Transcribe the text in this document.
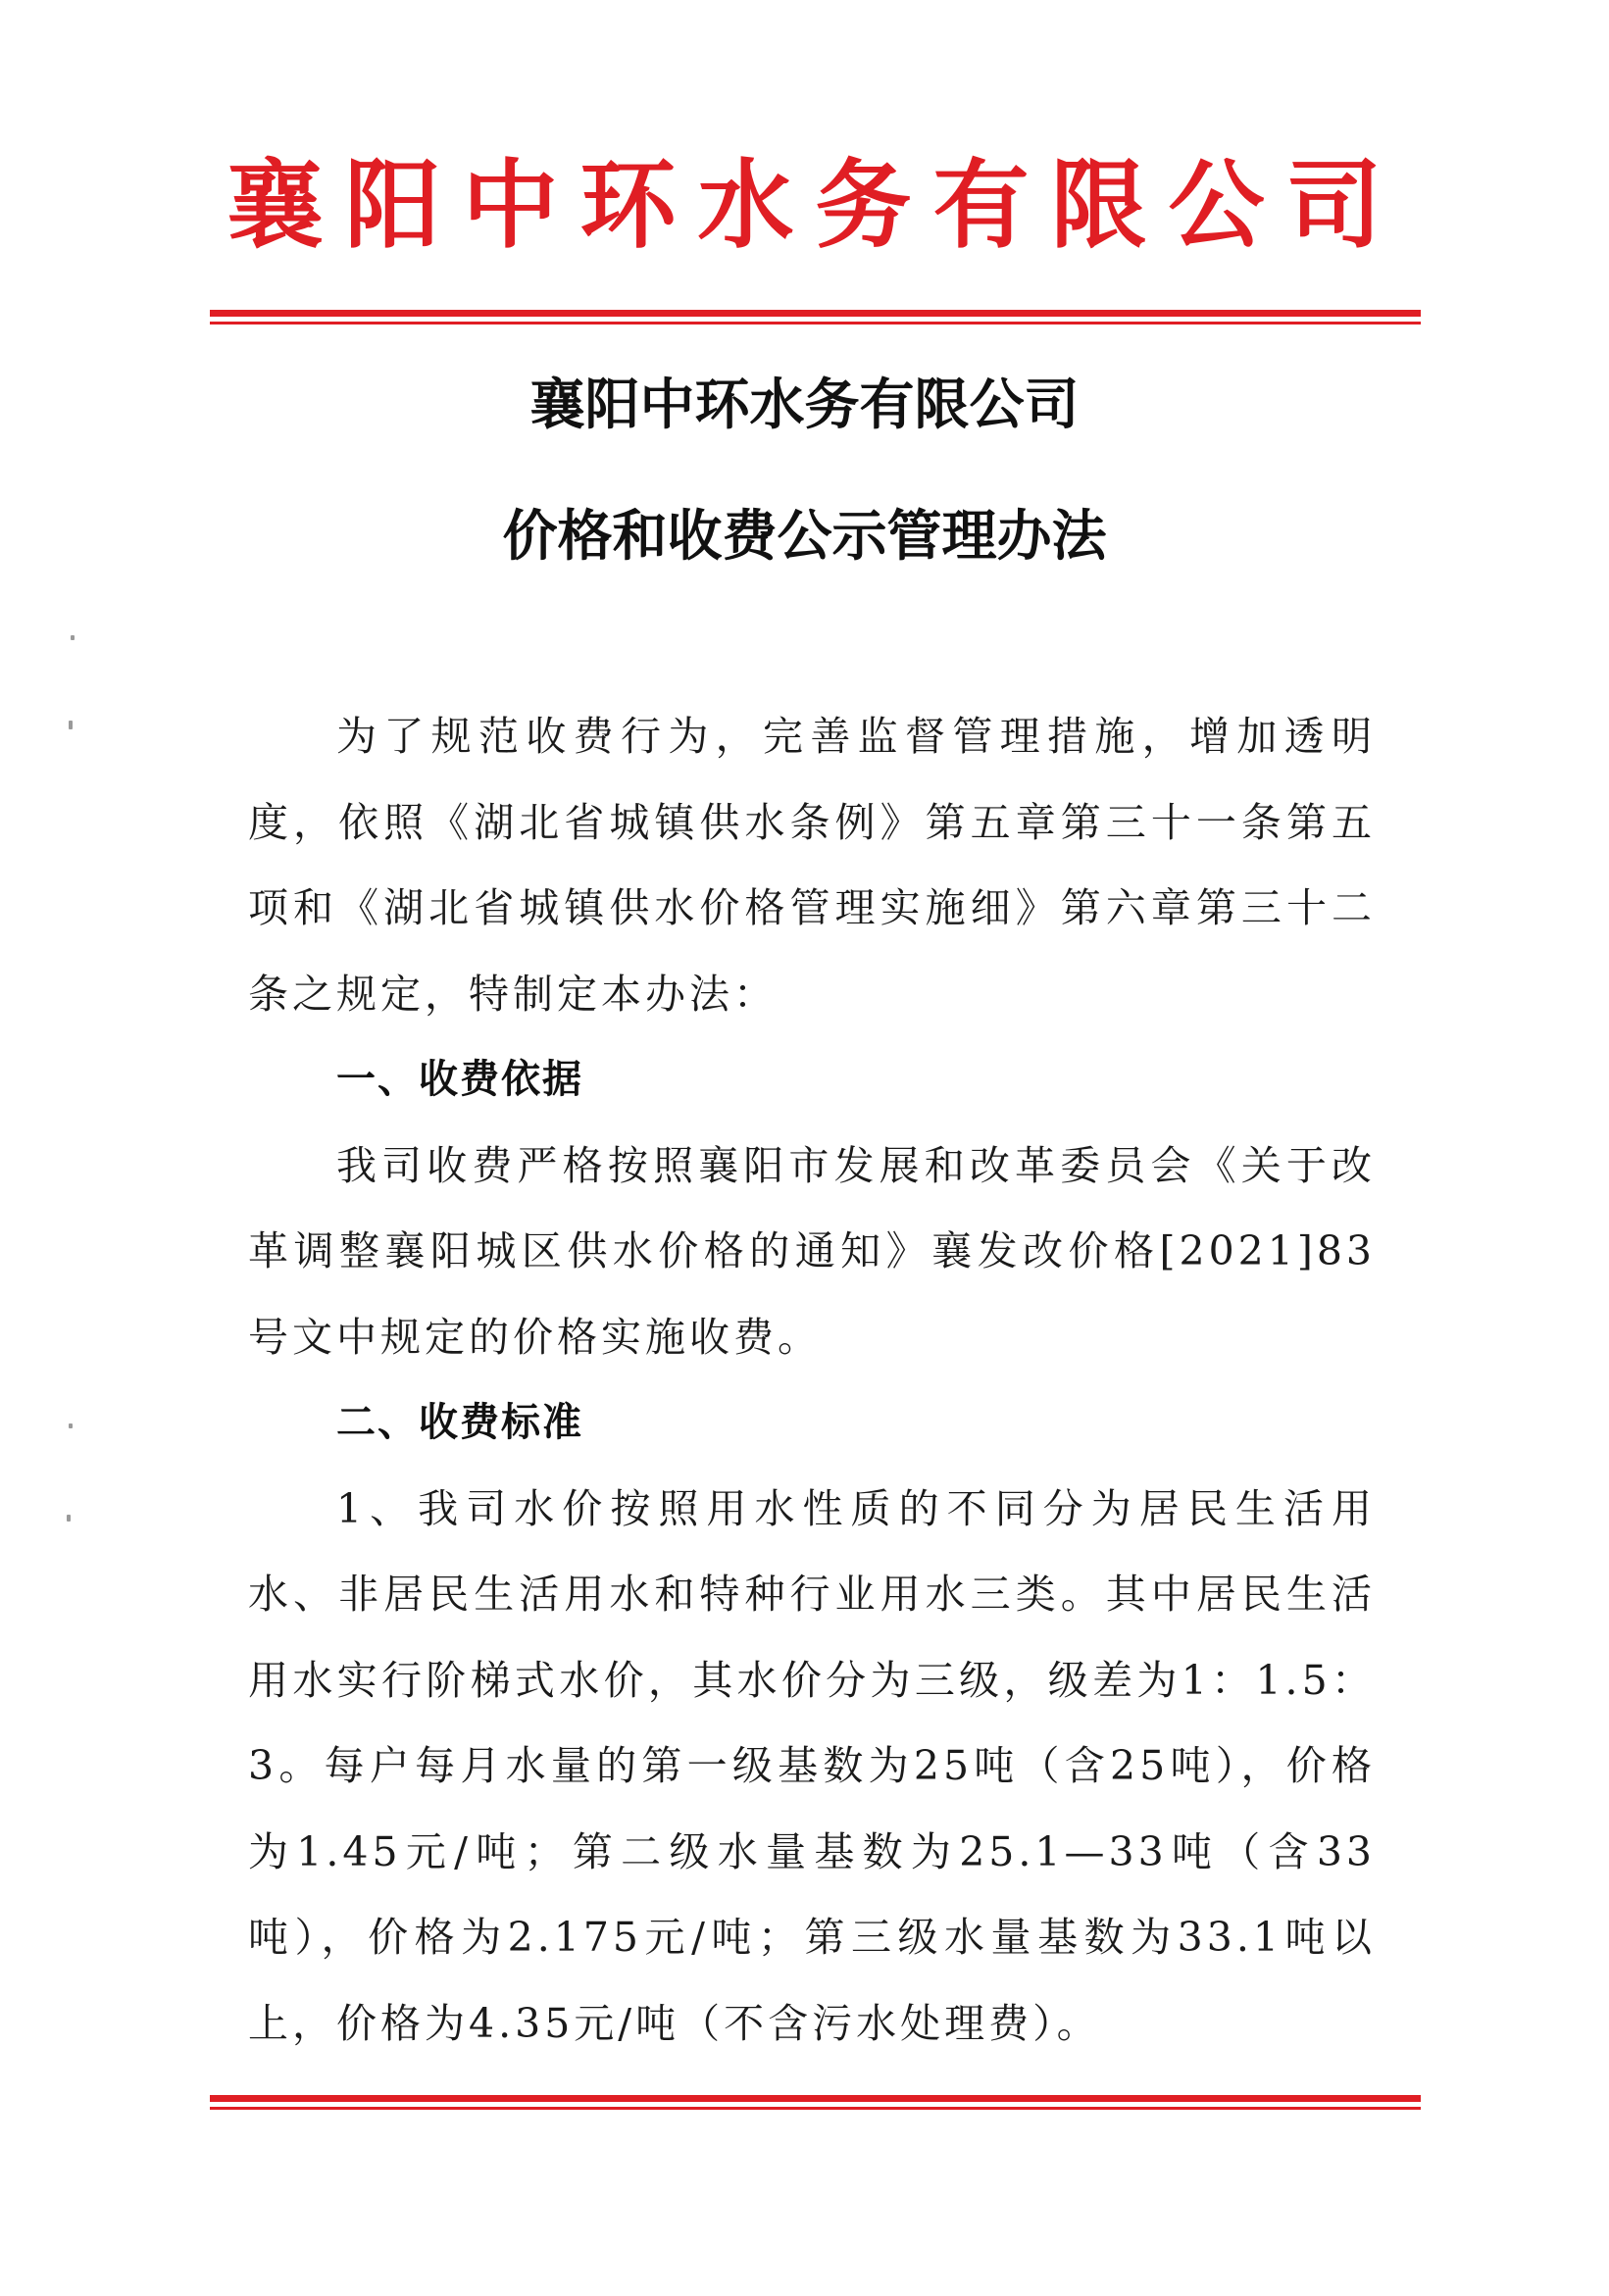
襄阳中环水务有限公司
襄阳中环水务有限公司
价格和收费公示管理办法

为了规范收费行为，完善监督管理措施，增加透明度，依照《湖北省城镇供水条例》第五章第三十一条第五项和《湖北省城镇供水价格管理实施细》第六章第三十二条之规定，特制定本办法：

一、收费依据

我司收费严格按照襄阳市发展和改革委员会《关于改革调整襄阳城区供水价格的通知》襄发改价格[2021]83号文中规定的价格实施收费。

二、收费标准

1、我司水价按照用水性质的不同分为居民生活用水、非居民生活用水和特种行业用水三类。其中居民生活用水实行阶梯式水价，其水价分为三级，级差为1：1.5：3。每户每月水量的第一级基数为25吨（含25吨），价格为1.45元/吨；第二级水量基数为25.1—33吨（含33吨），价格为2.175元/吨；第三级水量基数为33.1吨以上，价格为4.35元/吨（不含污水处理费）。
